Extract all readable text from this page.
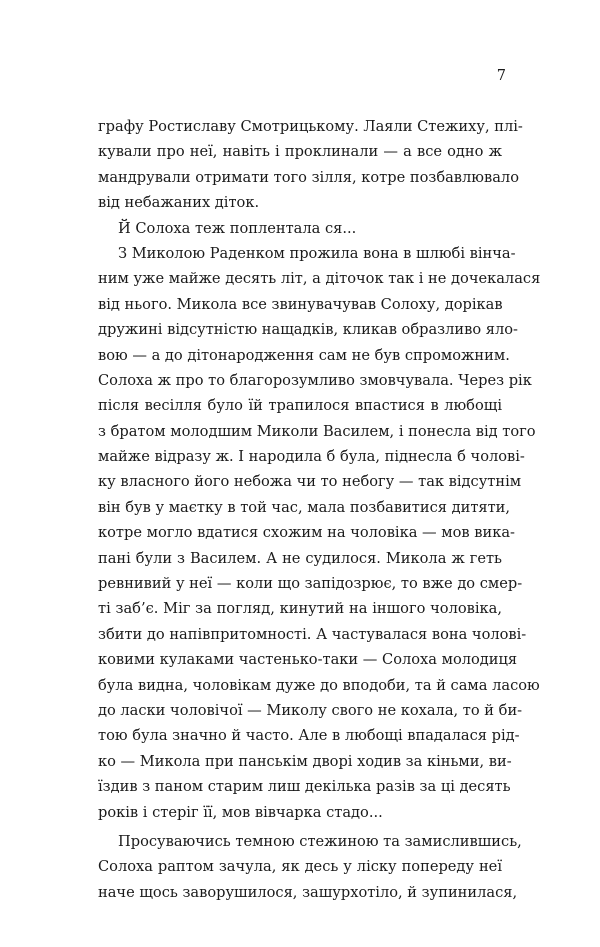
7
графу Ростиславу Смотрицькому. Лаяли Стежиху, плі-
кували про неї, навіть і проклинали — а все одно ж
мандрували отримати того зілля, котре позбавлювало
від небажаних діток.
Й Солоха теж поплентала ся...
З Миколою Раденком прожила вона в шлюбі вінча-
ним уже майже десять літ, а діточок так і не дочекалася
від нього. Микола все звинувачував Солоху, дорікав
дружині відсутністю нащадків, кликав образливо яло-
вою — а до дітонародження сам не був спроможним.
Солоха ж про то благорозумливо змовчувала. Через рік
після весілля було їй трапилося впастися в любощі
з братом молодшим Миколи Василем, і понесла від того
майже відразу ж. І народила б була, піднесла б чолові-
ку власного його небожа чи то небогу — так відсутнім
він був у маєтку в той час, мала позбавитися дитяти,
котре могло вдатися схожим на чоловіка — мов вика-
пані були з Василем. А не судилося. Микола ж геть
ревнивий у неї — коли що запідозрює, то вже до смер-
ті заб’є. Міг за погляд, кинутий на іншого чоловіка,
збити до напівпритомності. А частувалася вона чолові-
ковими кулаками частенько-таки — Солоха молодиця
була видна, чоловікам дуже до вподоби, та й сама ласою
до ласки чоловічої — Миколу свого не кохала, то й би-
тою була значно й часто. Але в любощі впадалася рід-
ко — Микола при панськім дворі ходив за кіньми, ви-
їздив з паном старим лиш декілька разів за ці десять
років і стеріг її, мов вівчарка стадо...
Просуваючись темною стежиною та замислившись,
Солоха раптом зачула, як десь у ліску попереду неї
наче щось заворушилося, зашурхотіло, й зупинилася,
